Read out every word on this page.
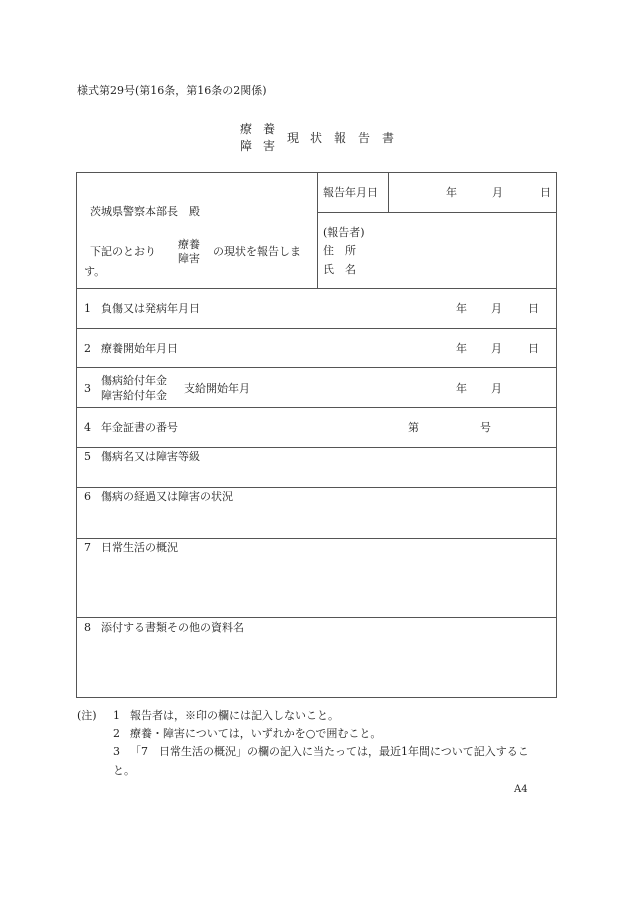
様式第29号(第16条，第16条の2関係)
療 養
障 害
現 状 報 告 書
茨城県警察本部長　殿
下記のとおり
療養
障害
の現状を報告しま
す。
報告年月日	年	月	日
(報告者)
住　所
氏　名
1 負傷又は発病年月日	年 月 日
2 療養開始年月日	年 月 日
3
傷病給付年金
障害給付年金
支給開始年月	年 月
4 年金証書の番号	第	号
5 傷病名又は障害等級
6 傷病の経過又は障害の状況
7 日常生活の概況
8 添付する書類その他の資料名
(注) 1 報告者は，※印の欄には記入しないこと。
2 療養・障害については，いずれかを○で囲むこと。
3 「7　日常生活の概況」の欄の記入に当たっては，最近1年間について記入するこ
と。
A4
